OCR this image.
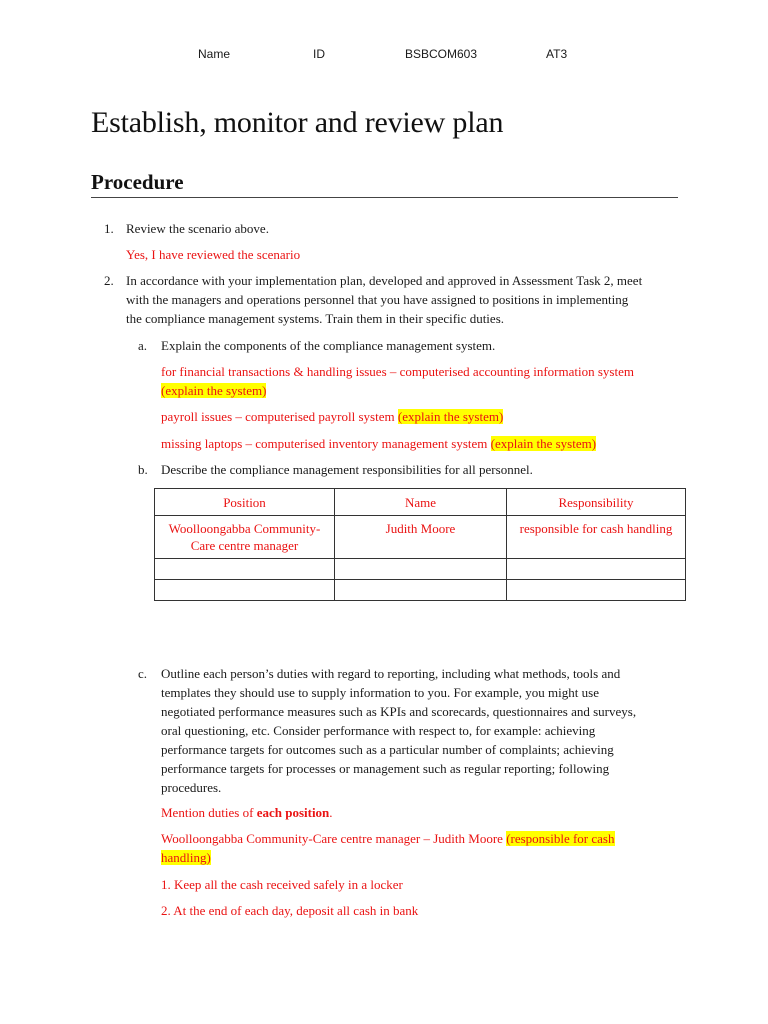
Name	ID	BSBCOM603	AT3
Establish, monitor and review plan
Procedure
1. Review the scenario above.

Yes, I have reviewed the scenario

2. In accordance with your implementation plan, developed and approved in Assessment Task 2, meet

with the managers and operations personnel that you have assigned to positions in implementing

the compliance management systems. Train them in their specific duties.

a. Explain the components of the compliance management system.

for financial transactions & handling issues – computerised accounting information system

(explain the system)

payroll issues – computerised payroll system (explain the system)

missing laptops – computerised inventory management system (explain the system)

b. Describe the compliance management responsibilities for all personnel.

Position	Name	Responsibility
Woolloongabba Community-Care centre manager	Judith Moore	responsible for cash handling

c. Outline each person’s duties with regard to reporting, including what methods, tools and

templates they should use to supply information to you. For example, you might use

negotiated performance measures such as KPIs and scorecards, questionnaires and surveys,

oral questioning, etc. Consider performance with respect to, for example: achieving

performance targets for outcomes such as a particular number of complaints; achieving

performance targets for processes or management such as regular reporting; following

procedures.

Mention duties of each position.

Woolloongabba Community-Care centre manager – Judith Moore (responsible for cash

handling)

1. Keep all the cash received safely in a locker

2. At the end of each day, deposit all cash in bank
